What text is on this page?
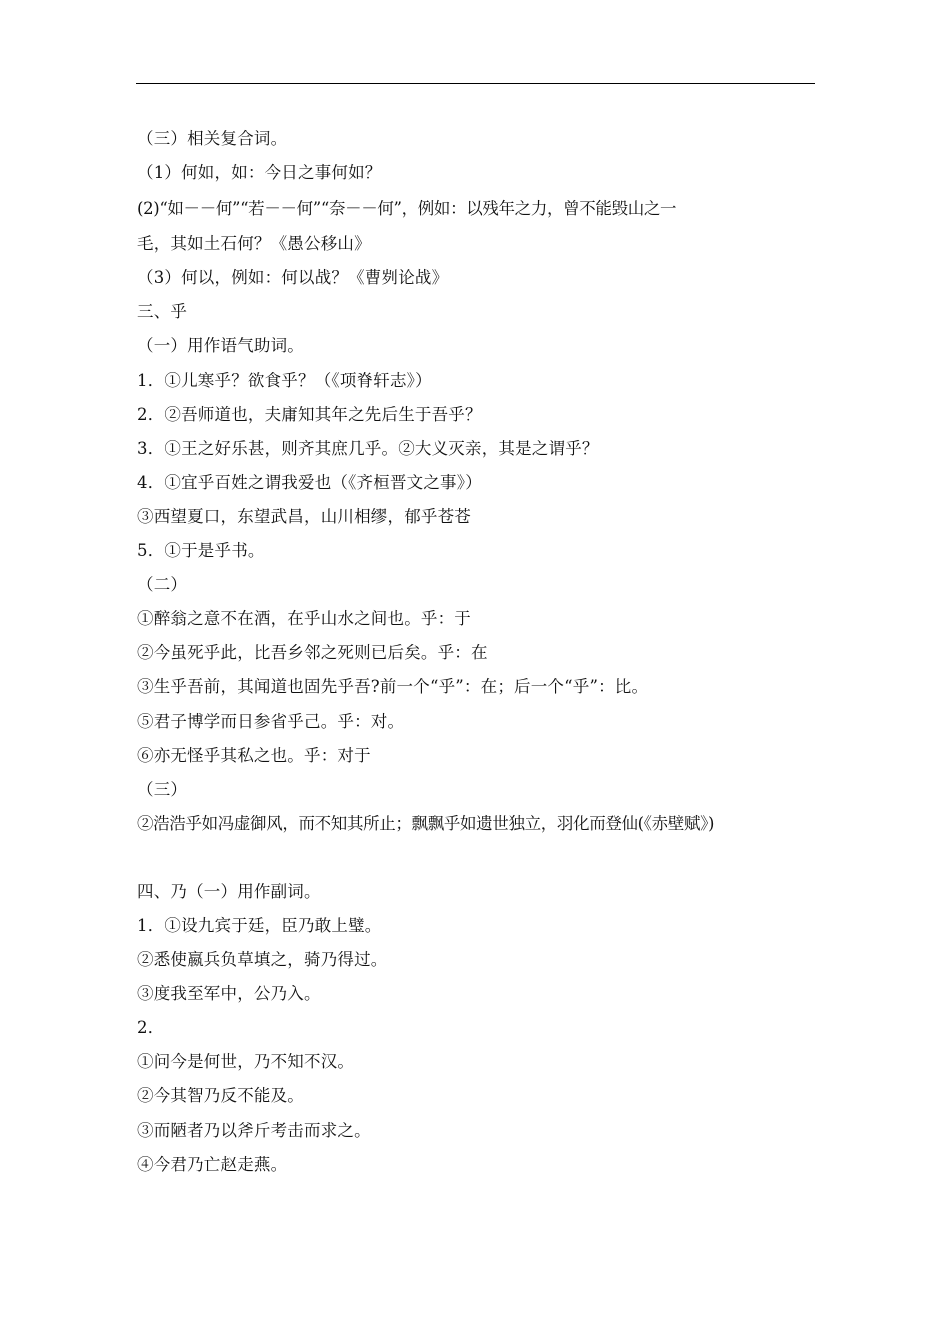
（三）相关复合词。
（1）何如，如：今日之事何如？
(2)“如－－何”“若－－何”“奈－－何”，例如：以残年之力，曾不能毁山之一
毛，其如土石何？《愚公移山》
（3）何以，例如：何以战？《曹刿论战》
三、乎
（一）用作语气助词。
1．①儿寒乎？欲食乎？（《项脊轩志》）
2．②吾师道也，夫庸知其年之先后生于吾乎？
3．①王之好乐甚，则齐其庶几乎。②大义灭亲，其是之谓乎？
4．①宜乎百姓之谓我爱也（《齐桓晋文之事》）
③西望夏口，东望武昌，山川相缪，郁乎苍苍
5．①于是乎书。
（二）
①醉翁之意不在酒，在乎山水之间也。乎：于
②今虽死乎此，比吾乡邻之死则已后矣。乎：在
③生乎吾前，其闻道也固先乎吾?前一个“乎”：在；后一个“乎”：比。
⑤君子博学而日参省乎己。乎：对。
⑥亦无怪乎其私之也。乎：对于
（三）
②浩浩乎如冯虚御风，而不知其所止；飘飘乎如遗世独立，羽化而登仙(《赤壁赋》)
四、乃（一）用作副词。
1．①设九宾于廷，臣乃敢上璧。
②悉使嬴兵负草填之，骑乃得过。
③度我至军中，公乃入。
2．
①问今是何世，乃不知不汉。
②今其智乃反不能及。
③而陋者乃以斧斤考击而求之。
④今君乃亡赵走燕。
